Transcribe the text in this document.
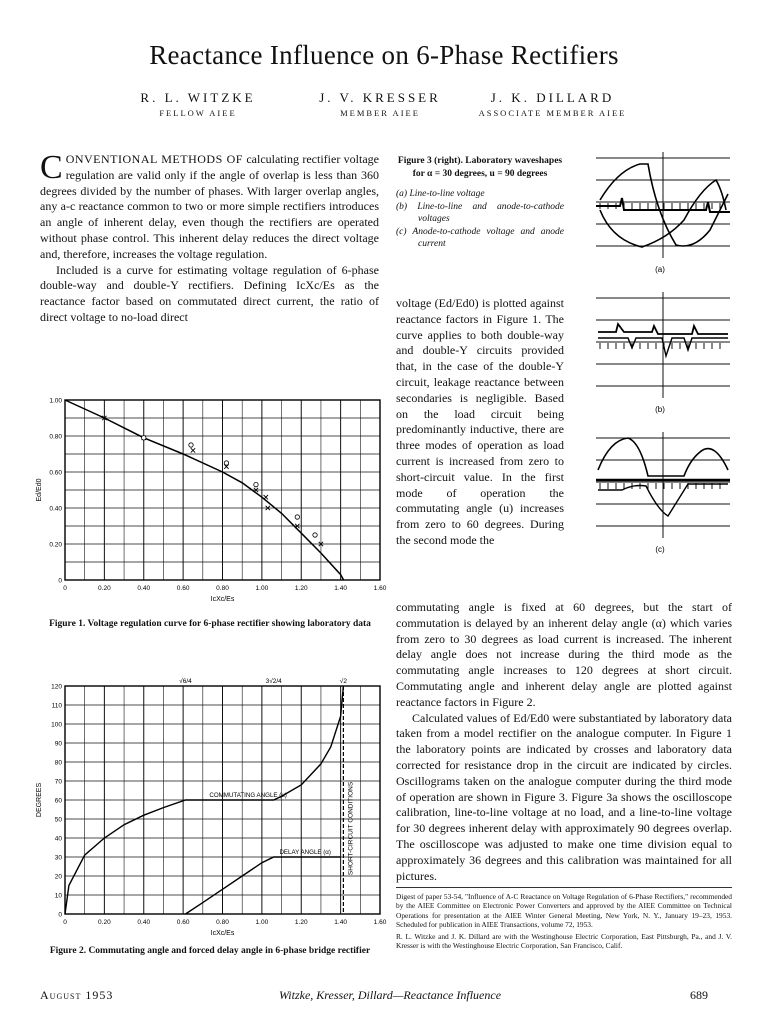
Reactance Influence on 6-Phase Rectifiers
R. L. WITZKE
FELLOW AIEE
J. V. KRESSER
MEMBER AIEE
J. K. DILLARD
ASSOCIATE MEMBER AIEE

CONVENTIONAL METHODS OF calculating rectifier voltage regulation are valid only if the angle of overlap is less than 360 degrees divided by the number of phases. With larger overlap angles, any a-c reactance common to two or more simple rectifiers introduces an angle of inherent delay, even though the rectifiers are operated without phase control. This inherent delay reduces the direct voltage and, therefore, increases the voltage regulation.

Included is a curve for estimating voltage regulation of 6-phase double-way and double-Y rectifiers. Defining IcXc/Es as the reactance factor based on commutated direct current, the ratio of direct voltage to no-load direct

Figure 3 (right). Laboratory waveshapes for α = 30 degrees, u = 90 degrees
(a) Line-to-line voltage
(b) Line-to-line and anode-to-cathode voltages
(c) Anode-to-cathode voltage and anode current
(a)
(b)
(c)
voltage (Ed/Ed0) is plotted against reactance factors in Figure 1. The curve applies to both double-way and double-Y circuits provided that, in the case of the double-Y circuit, leakage reactance between secondaries is negligible. Based on the load circuit being predominantly inductive, there are three modes of operation as load current is increased from zero to short-circuit value. In the first mode of operation the commutating angle (u) increases from zero to 60 degrees. During the second mode the

commutating angle is fixed at 60 degrees, but the start of commutation is delayed by an inherent delay angle (α) which varies from zero to 30 degrees as load current is increased. The inherent delay angle does not increase during the third mode as the commutating angle increases to 120 degrees at short circuit. Commutating angle and inherent delay angle are plotted against reactance factors in Figure 2.

Calculated values of Ed/Ed0 were substantiated by laboratory data taken from a model rectifier on the analogue computer. In Figure 1 the laboratory points are indicated by crosses and laboratory data corrected for resistance drop in the circuit are indicated by circles. Oscillograms taken on the analogue computer during the third mode of operation are shown in Figure 3. Figure 3a shows the oscilloscope calibration, line-to-line voltage at no load, and a line-to-line voltage for 30 degrees inherent delay with approximately 90 degrees overlap. The oscilloscope was adjusted to make one time division equal to approximately 36 degrees and this calibration was maintained for all pictures.

0	0.20	0.40	0.60	0.80	1.00	1.20	1.40	1.60
0
0.20
0.40
0.60
0.80
1.00
IcXc/Es
Ed/Ed0
Figure 1. Voltage regulation curve for 6-phase rectifier showing laboratory data
0	0.20	0.40	0.60	0.80	1.00	1.20	1.40	1.60
0
10
20
30
40
50
60
70
80
90
100
110
120
IcXc/Es
DEGREES	SHORT-CIRCUIT CONDITIONS
√6/4	3√2/4	√2
COMMUTATING ANGLE (u)
DELAY ANGLE (α)
Figure 2. Commutating angle and forced delay angle in 6-phase bridge rectifier
Digest of paper 53-54, "Influence of A-C Reactance on Voltage Regulation of 6-Phase Rectifiers," recommended by the AIEE Committee on Electronic Power Converters and approved by the AIEE Committee on Technical Operations for presentation at the AIEE Winter General Meeting, New York, N. Y., January 19–23, 1953. Scheduled for publication in AIEE Transactions, volume 72, 1953.
R. L. Witzke and J. K. Dillard are with the Westinghouse Electric Corporation, East Pittsburgh, Pa., and J. V. Kresser is with the Westinghouse Electric Corporation, San Francisco, Calif.
August 1953	Witzke, Kresser, Dillard—Reactance Influence	689
